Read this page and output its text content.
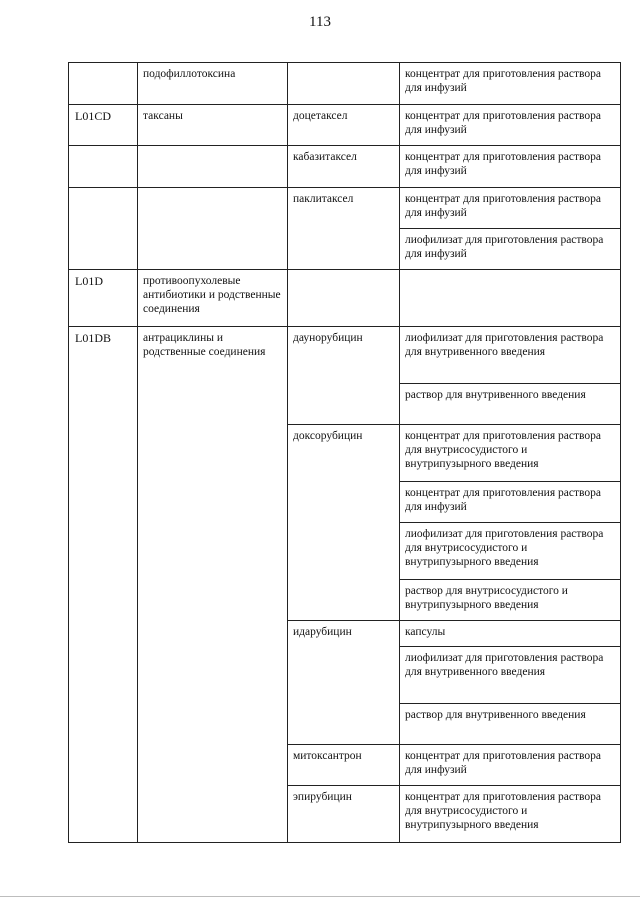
113
	подофиллотоксина		концентрат для приготовления раствора для инфузий
L01CD	таксаны	доцетаксел	концентрат для приготовления раствора для инфузий
		кабазитаксел	концентрат для приготовления раствора для инфузий
		паклитаксел	концентрат для приготовления раствора для инфузий
			лиофилизат для приготовления раствора для инфузий
L01D	противоопухолевые антибиотики и родственные соединения		
L01DB	антрациклины и родственные соединения	даунорубицин	лиофилизат для приготовления раствора для внутривенного введения
			раствор для внутривенного введения
		доксорубицин	концентрат для приготовления раствора для внутрисосудистого и внутрипузырного введения
			концентрат для приготовления раствора для инфузий
			лиофилизат для приготовления раствора для внутрисосудистого и внутрипузырного введения
			раствор для внутрисосудистого и внутрипузырного введения
		идарубицин	капсулы
			лиофилизат для приготовления раствора для внутривенного введения
			раствор для внутривенного введения
		митоксантрон	концентрат для приготовления раствора для инфузий
		эпирубицин	концентрат для приготовления раствора для внутрисосудистого и внутрипузырного введения
